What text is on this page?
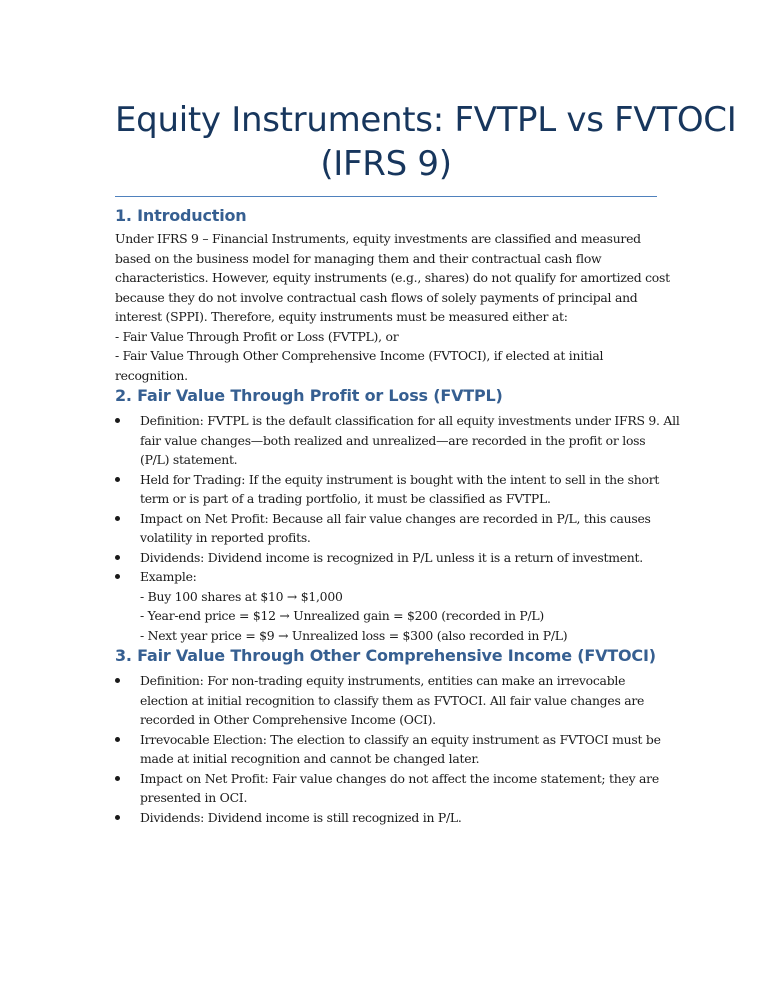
Equity Instruments: FVTPL vs FVTOCI
(IFRS 9)
1. Introduction

Under IFRS 9 – Financial Instruments, equity investments are classified and measured
based on the business model for managing them and their contractual cash flow
characteristics. However, equity instruments (e.g., shares) do not qualify for amortized cost
because they do not involve contractual cash flows of solely payments of principal and
interest (SPPI). Therefore, equity instruments must be measured either at:
- Fair Value Through Profit or Loss (FVTPL), or
- Fair Value Through Other Comprehensive Income (FVTOCI), if elected at initial
recognition.

2. Fair Value Through Profit or Loss (FVTPL)
Definition: FVTPL is the default classification for all equity investments under IFRS 9. All
fair value changes—both realized and unrealized—are recorded in the profit or loss
(P/L) statement.
Held for Trading: If the equity instrument is bought with the intent to sell in the short
term or is part of a trading portfolio, it must be classified as FVTPL.
Impact on Net Profit: Because all fair value changes are recorded in P/L, this causes
volatility in reported profits.
Dividends: Dividend income is recognized in P/L unless it is a return of investment.
Example:
- Buy 100 shares at $10 → $1,000
- Year-end price = $12 → Unrealized gain = $200 (recorded in P/L)
- Next year price = $9 → Unrealized loss = $300 (also recorded in P/L)
3. Fair Value Through Other Comprehensive Income (FVTOCI)
Definition: For non-trading equity instruments, entities can make an irrevocable
election at initial recognition to classify them as FVTOCI. All fair value changes are
recorded in Other Comprehensive Income (OCI).
Irrevocable Election: The election to classify an equity instrument as FVTOCI must be
made at initial recognition and cannot be changed later.
Impact on Net Profit: Fair value changes do not affect the income statement; they are
presented in OCI.
Dividends: Dividend income is still recognized in P/L.
